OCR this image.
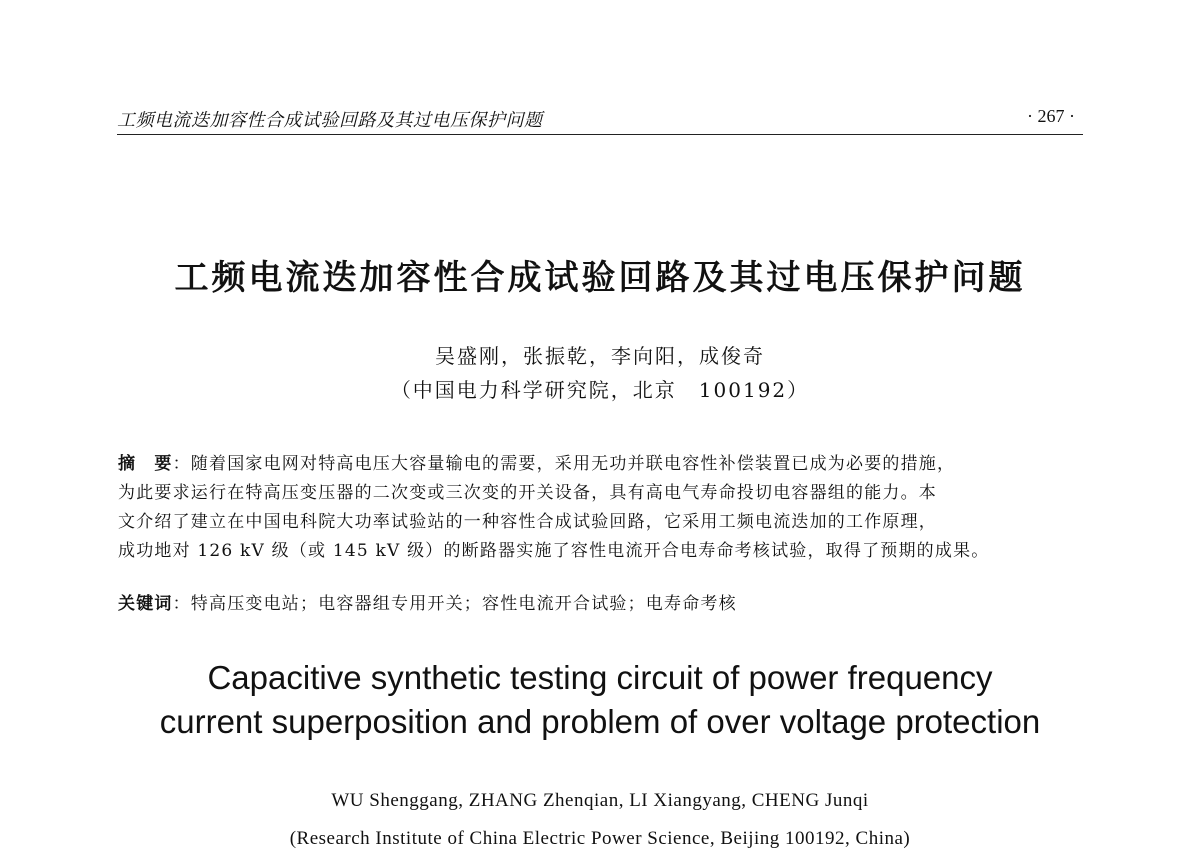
工频电流迭加容性合成试验回路及其过电压保护问题	· 267 ·
工频电流迭加容性合成试验回路及其过电压保护问题
吴盛刚，张振乾，李向阳，成俊奇
（中国电力科学研究院，北京　100192）
摘　要：随着国家电网对特高电压大容量输电的需要，采用无功并联电容性补偿装置已成为必要的措施，
为此要求运行在特高压变压器的二次变或三次变的开关设备，具有高电气寿命投切电容器组的能力。本
文介绍了建立在中国电科院大功率试验站的一种容性合成试验回路，它采用工频电流迭加的工作原理，
成功地对 126 kV 级（或 145 kV 级）的断路器实施了容性电流开合电寿命考核试验，取得了预期的成果。
关键词：特高压变电站；电容器组专用开关；容性电流开合试验；电寿命考核
Capacitive synthetic testing circuit of power frequency
current superposition and problem of over voltage protection
WU Shenggang, ZHANG Zhenqian, LI Xiangyang, CHENG Junqi
(Research Institute of China Electric Power Science, Beijing 100192, China)
